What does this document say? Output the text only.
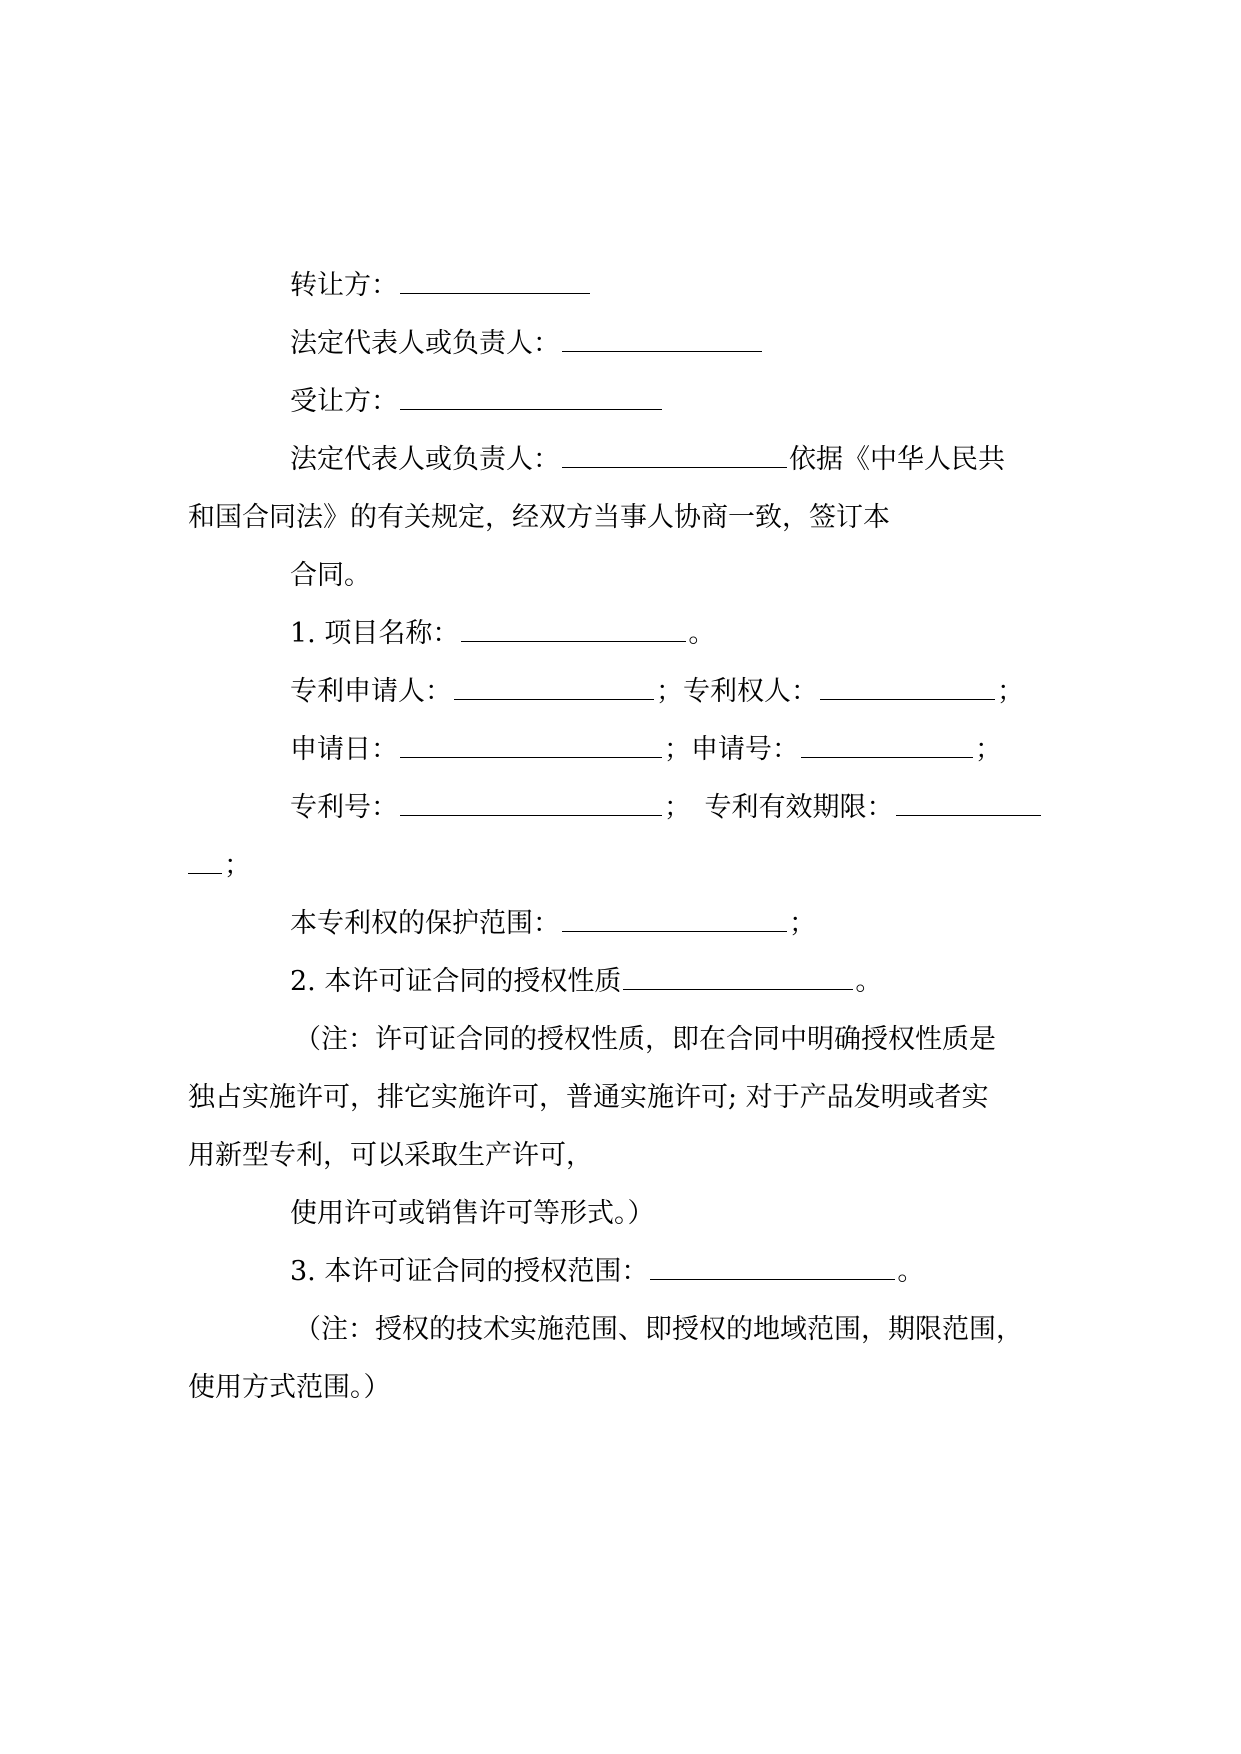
转让方：
法定代表人或负责人：
受让方：
法定代表人或负责人：	依据《中华人民共
和国合同法》的有关规定，经双方当事人协商一致，签订本
合同。
1. 项目名称：	。
专利申请人：	；专利权人：	；
申请日：	；申请号：	；
专利号：	；　专利有效期限：
；
本专利权的保护范围：	；
2. 本许可证合同的授权性质	。
（注：许可证合同的授权性质，即在合同中明确授权性质是
独占实施许可，排它实施许可，普通实施许可; 对于产品发明或者实
用新型专利，可以采取生产许可，
使用许可或销售许可等形式。）
3. 本许可证合同的授权范围：	。
（注：授权的技术实施范围、即授权的地域范围，期限范围，
使用方式范围。）
